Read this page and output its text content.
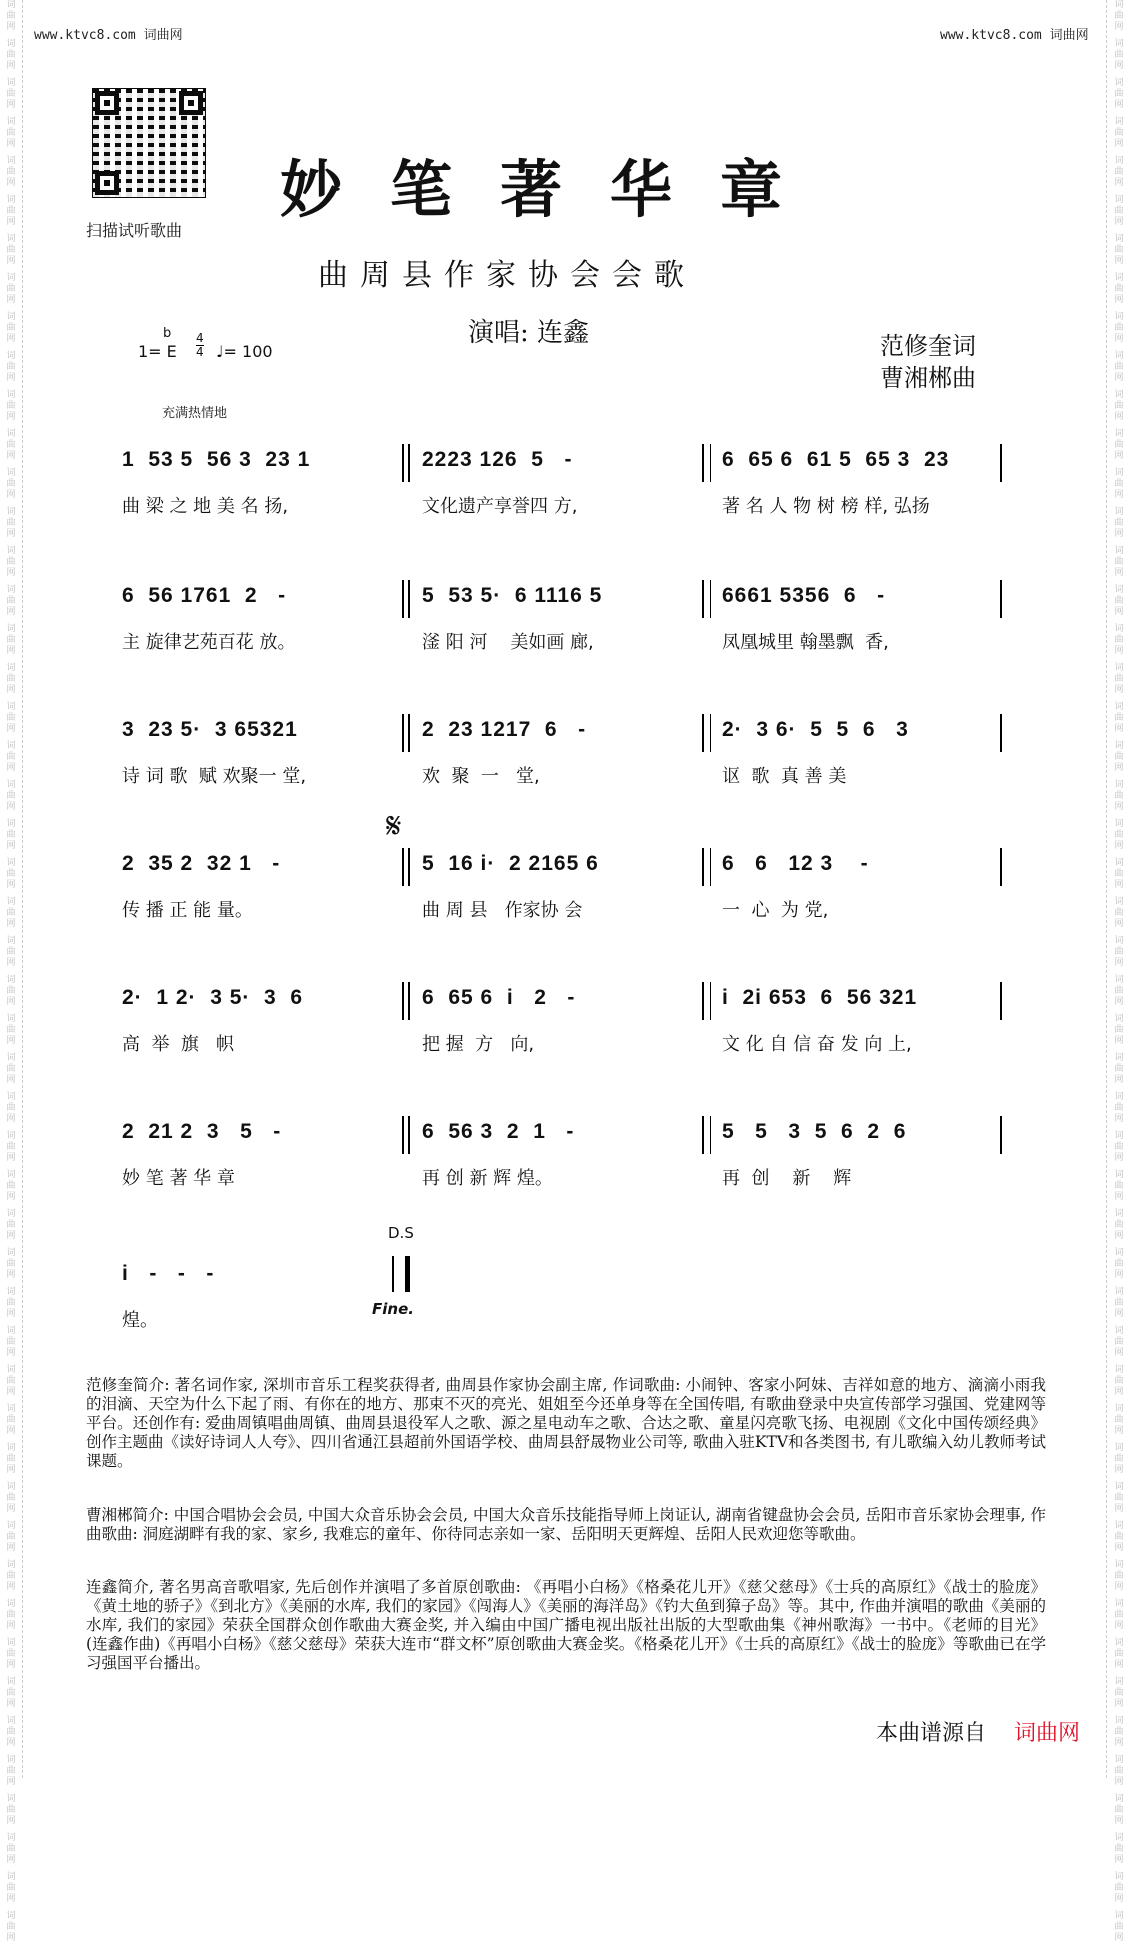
词
曲
网
词
曲
网
词
曲
网
词
曲
网
词
曲
网
词
曲
网
词
曲
网
词
曲
网
词
曲
网
词
曲
网
词
曲
网
词
曲
网
词
曲
网
词
曲
网
词
曲
网
词
曲
网
词
曲
网
词
曲
网
词
曲
网
词
曲
网
词
曲
网
词
曲
网
词
曲
网
词
曲
网
词
曲
网
词
曲
网
词
曲
网
词
曲
网
词
曲
网
词
曲
网
词
曲
网
词
曲
网
词
曲
网
词
曲
网
词
曲
网
词
曲
网
词
曲
网
词
曲
网
词
曲
网
词
曲
网
词
曲
网
词
曲
网
词
曲
网
词
曲
网
词
曲
网
词
曲
网
词
曲
网
词
曲
网
词
曲
网
词
曲
网
词
曲
网
词
曲
网
词
曲
网
词
曲
网
词
曲
网
词
曲
网
词
曲
网
词
曲
网
词
曲
网
词
曲
网
词
曲
网
词
曲
网
词
曲
网
词
曲
网
词
曲
网
词
曲
网
词
曲
网
词
曲
网
词
曲
网
词
曲
网
词
曲
网
词
曲
网
词
曲
网
词
曲
网
词
曲
网
词
曲
网
词
曲
网
词
曲
网
词
曲
网
词
曲
网
词
曲
网
词
曲
网
词
曲
网
词
曲
网
词
曲
网
词
曲
网
词
曲
网
词
曲
网
词
曲
网
词
曲
网
词
曲
网
词
曲
网
词
曲
网
词
曲
网
词
曲
网
词
曲
网
词
曲
网
词
曲
网
词
曲
网
词
曲
网
www.ktvc8.com 词曲网	www.ktvc8.com 词曲网
扫描试听歌曲
妙笔著华章
曲周县作家协会会歌
演唱: 连鑫	范修奎词
曹湘郴曲
1= E
b 4
4 ♩= 100
充满热情地
1  53 5  56 3  23 1
曲 梁 之 地 美 名 扬,
2223 126  5   -
文化遗产享誉四 方,
6  65 6  61 5  65 3  23
著 名 人 物 树 榜 样, 弘扬
6  56 1761  2   -
主 旋律艺苑百花 放。
5  53 5·  6 1116 5
滏 阳 河    美如画 廊,
6661 5356  6   -
凤凰城里 翰墨飘  香,
3  23 5·  3 65321
诗 词 歌  赋 欢聚一 堂,
2  23 1217  6   -
欢  聚  一   堂,
2·  3 6·  5  5  6   3
讴  歌  真 善 美
2  35 2  32 1   -
传 播 正 能 量。
5  16 i·  2 2165 6
曲 周 县   作家协 会
6   6   12 3    -
一  心  为 党,
2·  1 2·  3 5·  3  6
高  举  旗   帜
6  65 6  i   2   -
把 握  方   向,
i  2i 653  6  56 321
文 化 自 信 奋 发 向 上,
2  21 2  3   5   -
妙 笔 著 华 章
6  56 3  2  1   -
再 创 新 辉 煌。
5   5   3  5  6  2  6
再  创    新    辉
i   -   -   -
煌。
D.S
Fine.
𝄋
范修奎简介: 著名词作家, 深圳市音乐工程奖获得者, 曲周县作家协会副主席, 作词歌曲: 小闹钟、客家小阿妹、吉祥如意的地方、滴滴小雨我的泪滴、天空为什么下起了雨、有你在的地方、那束不灭的亮光、姐姐至今还单身等在全国传唱, 有歌曲登录中央宣传部学习强国、党建网等平台。还创作有: 爱曲周镇唱曲周镇、曲周县退役军人之歌、源之星电动车之歌、合达之歌、童星闪亮歌飞扬、电视剧《文化中国传颂经典》创作主题曲《读好诗词人人夸》、四川省通江县超前外国语学校、曲周县舒晟物业公司等, 歌曲入驻KTV和各类图书, 有儿歌编入幼儿教师考试课题。
曹湘郴简介: 中国合唱协会会员, 中国大众音乐协会会员, 中国大众音乐技能指导师上岗证认, 湖南省键盘协会会员, 岳阳市音乐家协会理事, 作曲歌曲: 洞庭湖畔有我的家、家乡, 我难忘的童年、你待同志亲如一家、岳阳明天更辉煌、岳阳人民欢迎您等歌曲。
连鑫简介, 著名男高音歌唱家, 先后创作并演唱了多首原创歌曲: 《再唱小白杨》《格桑花儿开》《慈父慈母》《士兵的高原红》《战士的脸庞》《黄土地的骄子》《到北方》《美丽的水库, 我们的家园》《闯海人》《美丽的海洋岛》《钓大鱼到獐子岛》等。其中, 作曲并演唱的歌曲《美丽的水库, 我们的家园》荣获全国群众创作歌曲大赛金奖, 并入编由中国广播电视出版社出版的大型歌曲集《神州歌海》一书中。《老师的目光》(连鑫作曲)《再唱小白杨》《慈父慈母》荣获大连市“群文杯”原创歌曲大赛金奖。《格桑花儿开》《士兵的高原红》《战士的脸庞》等歌曲已在学习强国平台播出。
本曲谱源自 词曲网
